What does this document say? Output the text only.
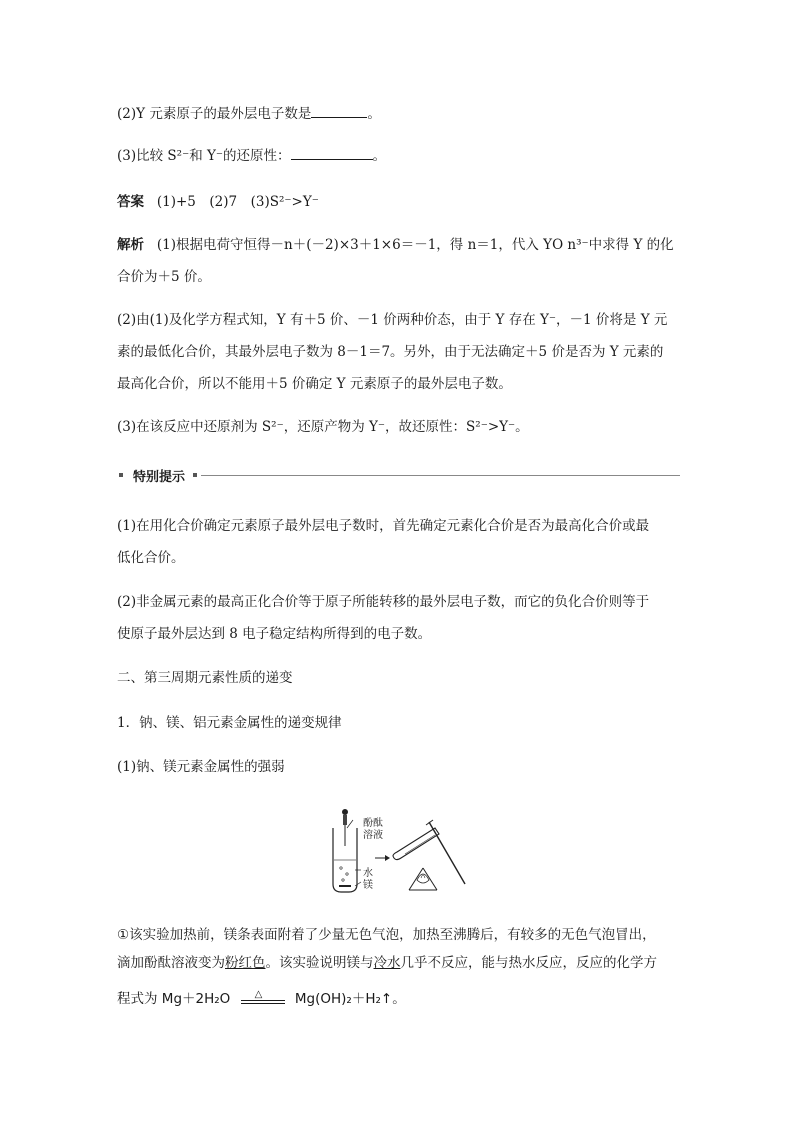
(2)Y 元素原子的最外层电子数是	。
(3)比较 S²⁻和 Y⁻的还原性：	。
答案 (1)+5　(2)7　(3)S²⁻>Y⁻
解析 (1)根据电荷守恒得－n＋(－2)×3＋1×6＝－1，得 n＝1，代入 YO n³⁻中求得 Y 的化
合价为＋5 价。
(2)由(1)及化学方程式知，Y 有＋5 价、－1 价两种价态，由于 Y 存在 Y⁻，－1 价将是 Y 元
素的最低化合价，其最外层电子数为 8－1＝7。另外，由于无法确定＋5 价是否为 Y 元素的
最高化合价，所以不能用＋5 价确定 Y 元素原子的最外层电子数。
(3)在该反应中还原剂为 S²⁻，还原产物为 Y⁻，故还原性：S²⁻>Y⁻。
特别提示
(1)在用化合价确定元素原子最外层电子数时，首先确定元素化合价是否为最高化合价或最
低化合价。
(2)非金属元素的最高正化合价等于原子所能转移的最外层电子数，而它的负化合价则等于
使原子最外层达到 8 电子稳定结构所得到的电子数。
二、第三周期元素性质的递变
1．钠、镁、铝元素金属性的递变规律
(1)钠、镁元素金属性的强弱
酚酞
溶液
水
镁
①该实验加热前，镁条表面附着了少量无色气泡，加热至沸腾后，有较多的无色气泡冒出，
滴加酚酞溶液变为粉红色。该实验说明镁与冷水几乎不反应，能与热水反应，反应的化学方
程式为 Mg＋2H₂O △ Mg(OH)₂＋H₂↑。
